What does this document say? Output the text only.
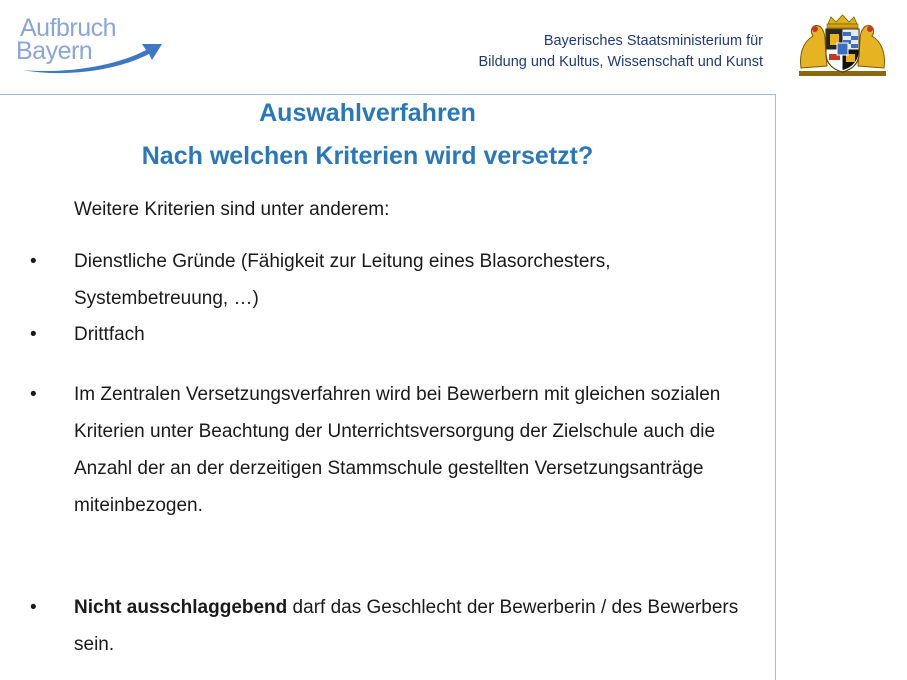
Aufbruch
Bayern	Bayerisches Staatsministerium für
Bildung und Kultus, Wissenschaft und Kunst
Auswahlverfahren
Nach welchen Kriterien wird versetzt?
Weitere Kriterien sind unter anderem:
• Dienstliche Gründe (Fähigkeit zur Leitung eines Blasorchesters, Systembetreuung, …)
• Drittfach
• Im Zentralen Versetzungsverfahren wird bei Bewerbern mit gleichen sozialen Kriterien unter Beachtung der Unterrichtsversorgung der Zielschule auch die Anzahl der an der derzeitigen Stammschule gestellten Versetzungsanträge miteinbezogen.
• Nicht ausschlaggebend darf das Geschlecht der Bewerberin / des Bewerbers sein.
